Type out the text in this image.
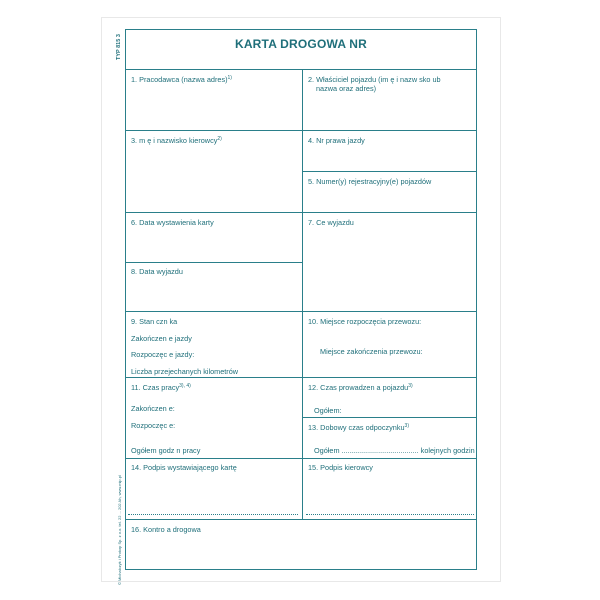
TYP 815 3
© Michalczyk i Prokop Sp. z o.o. tel. 22 ... 202 Ah, www.mip.pl
KARTA DROGOWA NR
1. Pracodawca (nazwa adres)$^{1)}$	2. Właściciel pojazdu (im ę i nazw sko ub
nazwa oraz adres)
3. m ę i nazwisko kierowcy$^{2)}$	4. Nr prawa jazdy
5. Numer(y) rejestracyjny(e) pojazdów
6. Data wystawienia karty	7. Ce wyjazdu
8. Data wyjazdu
9. Stan czn ka
Zakończen e jazdy
Rozpoczęc e jazdy:
Liczba przejechanych kilometrów
10. Miejsce rozpoczęcia przewozu:
Miejsce zakończenia przewozu:
11. Czas pracy$^{3), 4)}$
Zakończen e:
Rozpoczęc e:
Ogółem godz n pracy
12. Czas prowadzen a pojazdu$^{3)}$
Ogółem:
13. Dobowy czas odpoczynku$^{3)}$
Ogółem ...................................... kolejnych godzin
14. Podpis wystawiającego kartę	15. Podpis kierowcy
16. Kontro a drogowa
